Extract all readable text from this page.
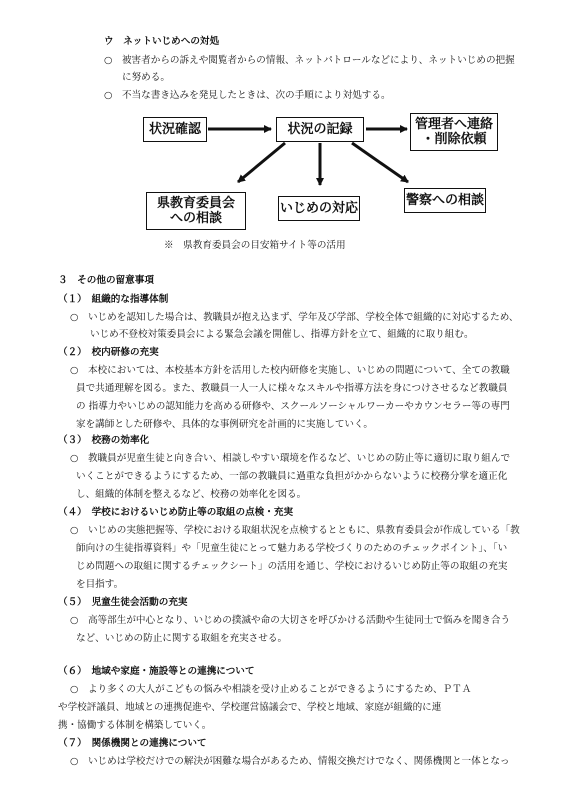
ウ　ネットいじめへの対処
○　被害者からの訴えや閲覧者からの情報、ネットパトロールなどにより、ネットいじめの把握
に努める。
○　不当な書き込みを発見したときは、次の手順により対処する。
状況確認	状況の記録	管理者へ連絡
・削除依頼
県教育委員会
への相談
いじめの対応
警察への相談
※　県教育委員会の目安箱サイト等の活用
３　その他の留意事項
（１）　組織的な指導体制
○　いじめを認知した場合は、教職員が抱え込まず、学年及び学部、学校全体で組織的に対応するため、
いじめ不登校対策委員会による緊急会議を開催し、指導方針を立て、組織的に取り組む。
（２）　校内研修の充実
○　本校においては、本校基本方針を活用した校内研修を実施し、いじめの問題について、全ての教職
員で共通理解を図る。また、教職員一人一人に様々なスキルや指導方法を身につけさせるなど教職員
の 指導力やいじめの認知能力を高める研修や、スクールソーシャルワーカーやカウンセラー等の専門
家を講師とした研修や、具体的な事例研究を計画的に実施していく。
（３）　校務の効率化
○　教職員が児童生徒と向き合い、相談しやすい環境を作るなど、いじめの防止等に適切に取り組んで
いくことができるようにするため、一部の教職員に過重な負担がかからないように校務分掌を適正化
し、組織的体制を整えるなど、校務の効率化を図る。
（４）　学校におけるいじめ防止等の取組の点検・充実
○　いじめの実態把握等、学校における取組状況を点検するとともに、県教育委員会が作成している「教
師向けの生徒指導資料」や「児童生徒にとって魅力ある学校づくりのためのチェックポイント」、「い
じめ問題への取組に関するチェックシート」の活用を通じ、学校におけるいじめ防止等の取組の充実
を目指す。
（５）　児童生徒会活動の充実
○　高等部生が中心となり、いじめの撲滅や命の大切さを呼びかける活動や生徒同士で悩みを聞き合う
など、いじめの防止に関する取組を充実させる。
（６）　地域や家庭・施設等との連携について
○　より多くの大人がこどもの悩みや相談を受け止めることができるようにするため、ＰＴＡ
や学校評議員、地域との連携促進や、学校運営協議会で、学校と地域、家庭が組織的に連
携・協働する体制を構築していく。
（７）　関係機関との連携について
○　いじめは学校だけでの解決が困難な場合があるため、情報交換だけでなく、関係機関と一体となっ
